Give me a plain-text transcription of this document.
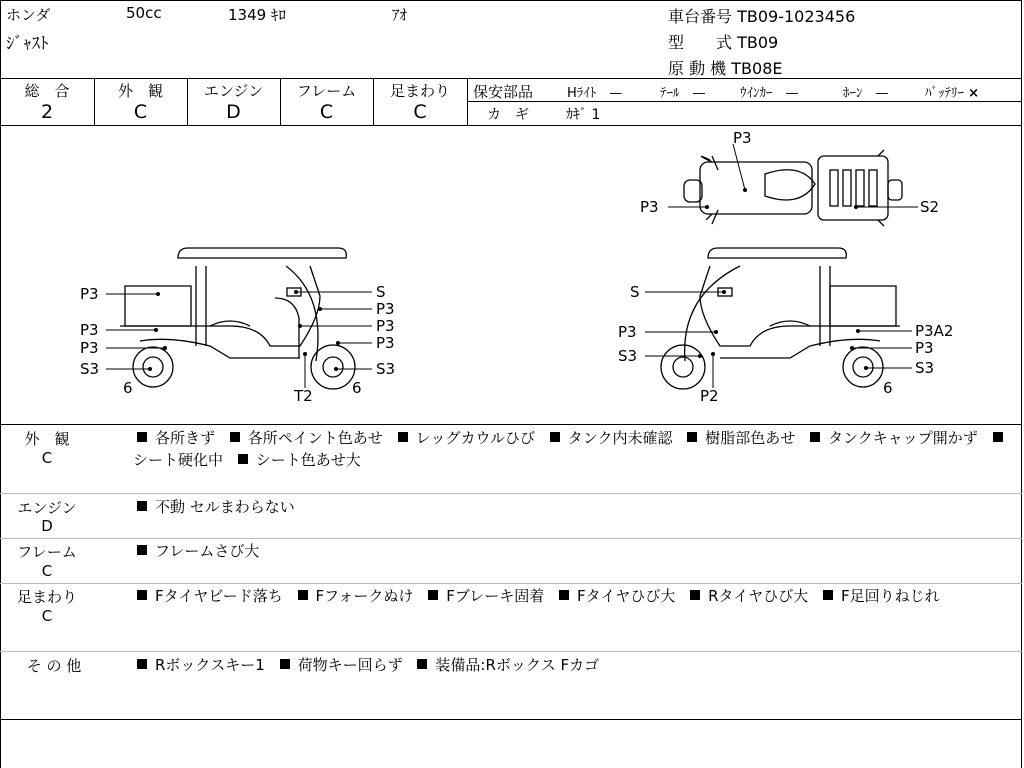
ホンダ	50cc	1349 ｷﾛ	ｱｵ
ｼﾞｬｽﾄ
車台番号 TB09-1023456
型　　式 TB09
原 動 機 TB08E
総　合
2
外　観
C
エンジン
D
フレーム
C
足まわり
C
保安部品	Hﾗｲﾄ　—	ﾃｰﾙ　—	ｳｲﾝｶｰ　—	ﾎｰﾝ　—	ﾊﾞｯﾃﾘｰ ×
カ　ギ	ｶｷﾞ 1
P3
P3	S2
P3
P3
P3
S3
6
S
P3
P3
P3
S3
T2	6
S
P3
S3
P2
P3A2
P3
S3
6
外　観
C
各所きず 各所ペイント色あせ レッグカウルひび タンク内未確認 樹脂部色あせ タンクキャップ開かず シート硬化中 シート色あせ大
エンジン
D
不動 セルまわらない
フレーム
C
フレームさび大
足まわり
C
Fタイヤビード落ち Fフォークぬけ Fブレーキ固着 Fタイヤひび大 Rタイヤひび大 F足回りねじれ
そ の 他	Rボックスキー1 荷物キー回らず 装備品:Rボックス Fカゴ
